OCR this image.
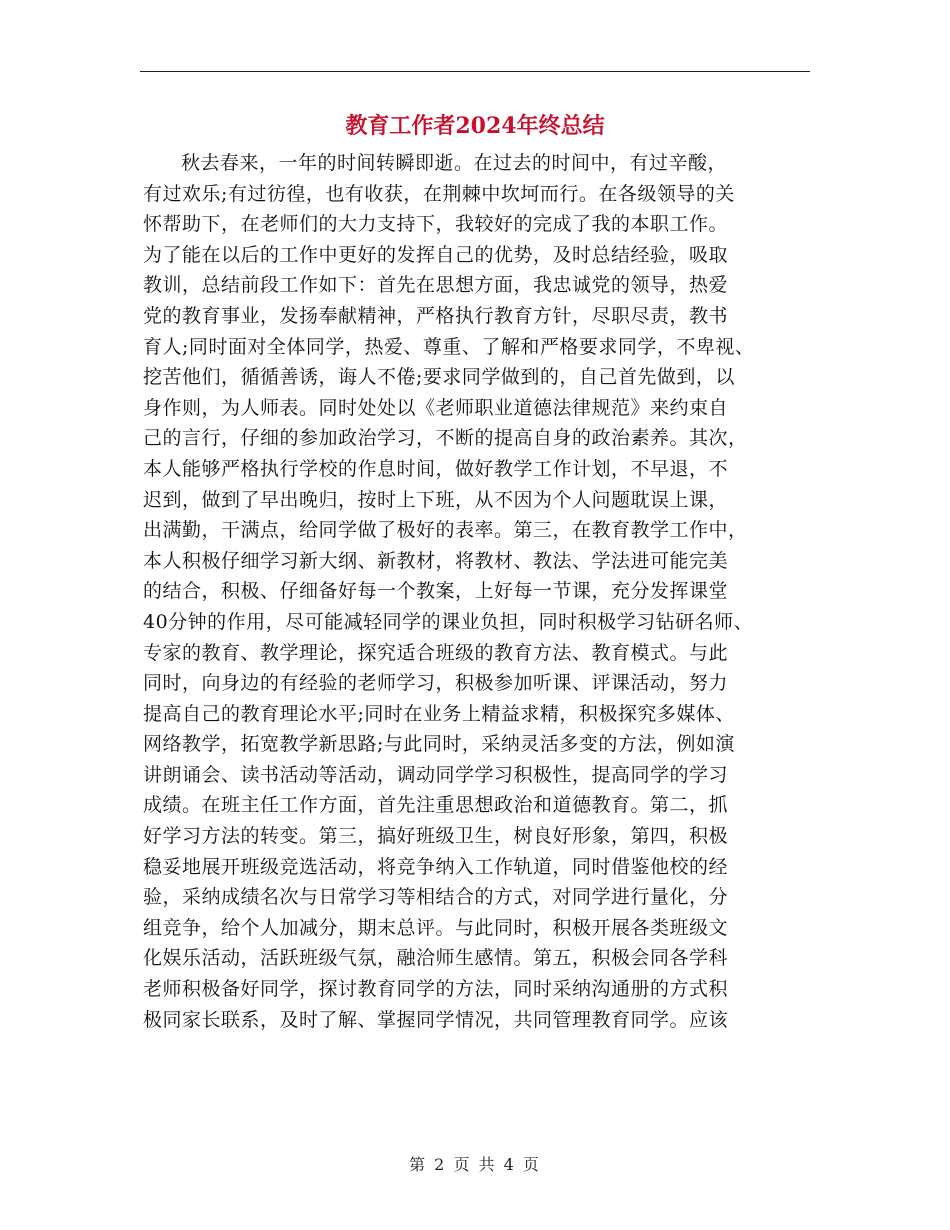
教育工作者2024年终总结
秋去春来，一年的时间转瞬即逝。在过去的时间中，有过辛酸，
有过欢乐;有过彷徨，也有收获，在荆棘中坎坷而行。在各级领导的关
怀帮助下，在老师们的大力支持下，我较好的完成了我的本职工作。
为了能在以后的工作中更好的发挥自己的优势，及时总结经验，吸取
教训，总结前段工作如下：首先在思想方面，我忠诚党的领导，热爱
党的教育事业，发扬奉献精神，严格执行教育方针，尽职尽责，教书
育人;同时面对全体同学，热爱、尊重、了解和严格要求同学，不卑视、
挖苦他们，循循善诱，诲人不倦;要求同学做到的，自己首先做到，以
身作则，为人师表。同时处处以《老师职业道德法律规范》来约束自
己的言行，仔细的参加政治学习，不断的提高自身的政治素养。其次，
本人能够严格执行学校的作息时间，做好教学工作计划，不早退，不
迟到，做到了早出晚归，按时上下班，从不因为个人问题耽误上课，
出满勤，干满点，给同学做了极好的表率。第三，在教育教学工作中，
本人积极仔细学习新大纲、新教材，将教材、教法、学法进可能完美
的结合，积极、仔细备好每一个教案，上好每一节课，充分发挥课堂
40分钟的作用，尽可能减轻同学的课业负担，同时积极学习钻研名师、
专家的教育、教学理论，探究适合班级的教育方法、教育模式。与此
同时，向身边的有经验的老师学习，积极参加听课、评课活动，努力
提高自己的教育理论水平;同时在业务上精益求精，积极探究多媒体、
网络教学，拓宽教学新思路;与此同时，采纳灵活多变的方法，例如演
讲朗诵会、读书活动等活动，调动同学学习积极性，提高同学的学习
成绩。在班主任工作方面，首先注重思想政治和道德教育。第二，抓
好学习方法的转变。第三，搞好班级卫生，树良好形象，第四，积极
稳妥地展开班级竞选活动，将竞争纳入工作轨道，同时借鉴他校的经
验，采纳成绩名次与日常学习等相结合的方式，对同学进行量化，分
组竞争，给个人加减分，期末总评。与此同时，积极开展各类班级文
化娱乐活动，活跃班级气氛，融洽师生感情。第五，积极会同各学科
老师积极备好同学，探讨教育同学的方法，同时采纳沟通册的方式积
极同家长联系，及时了解、掌握同学情况，共同管理教育同学。应该
第 2 页 共 4 页
